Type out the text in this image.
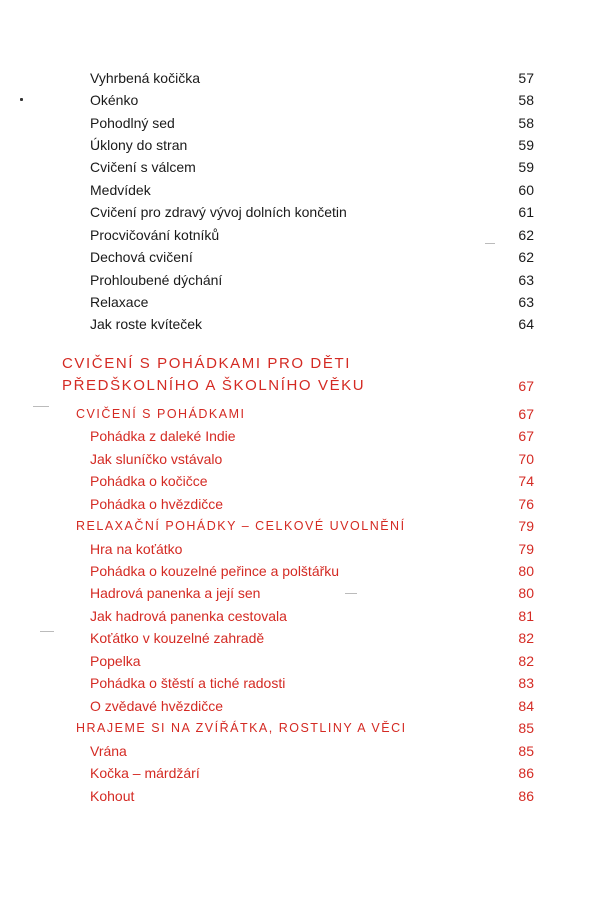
Vyhrbená kočička	57
Okénko	58
Pohodlný sed	58
Úklony do stran	59
Cvičení s válcem	59
Medvídek	60
Cvičení pro zdravý vývoj dolních končetin	61
Procvičování kotníků	62
Dechová cvičení	62
Prohloubené dýchání	63
Relaxace	63
Jak roste kvíteček	64
CVIČENÍ S POHÁDKAMI PRO DĚTI
PŘEDŠKOLNÍHO A ŠKOLNÍHO VĚKU	67
CVIČENÍ S POHÁDKAMI	67
Pohádka z daleké Indie	67
Jak sluníčko vstávalo	70
Pohádka o kočičce	74
Pohádka o hvězdičce	76
RELAXAČNÍ POHÁDKY – CELKOVÉ UVOLNĚNÍ	79
Hra na koťátko	79
Pohádka o kouzelné peřince a polštářku	80
Hadrová panenka a její sen	80
Jak hadrová panenka cestovala	81
Koťátko v kouzelné zahradě	82
Popelka	82
Pohádka o štěstí a tiché radosti	83
O zvědavé hvězdičce	84
HRAJEME SI NA ZVÍŘÁTKA, ROSTLINY A VĚCI	85
Vrána	85
Kočka – márdžárí	86
Kohout	86
